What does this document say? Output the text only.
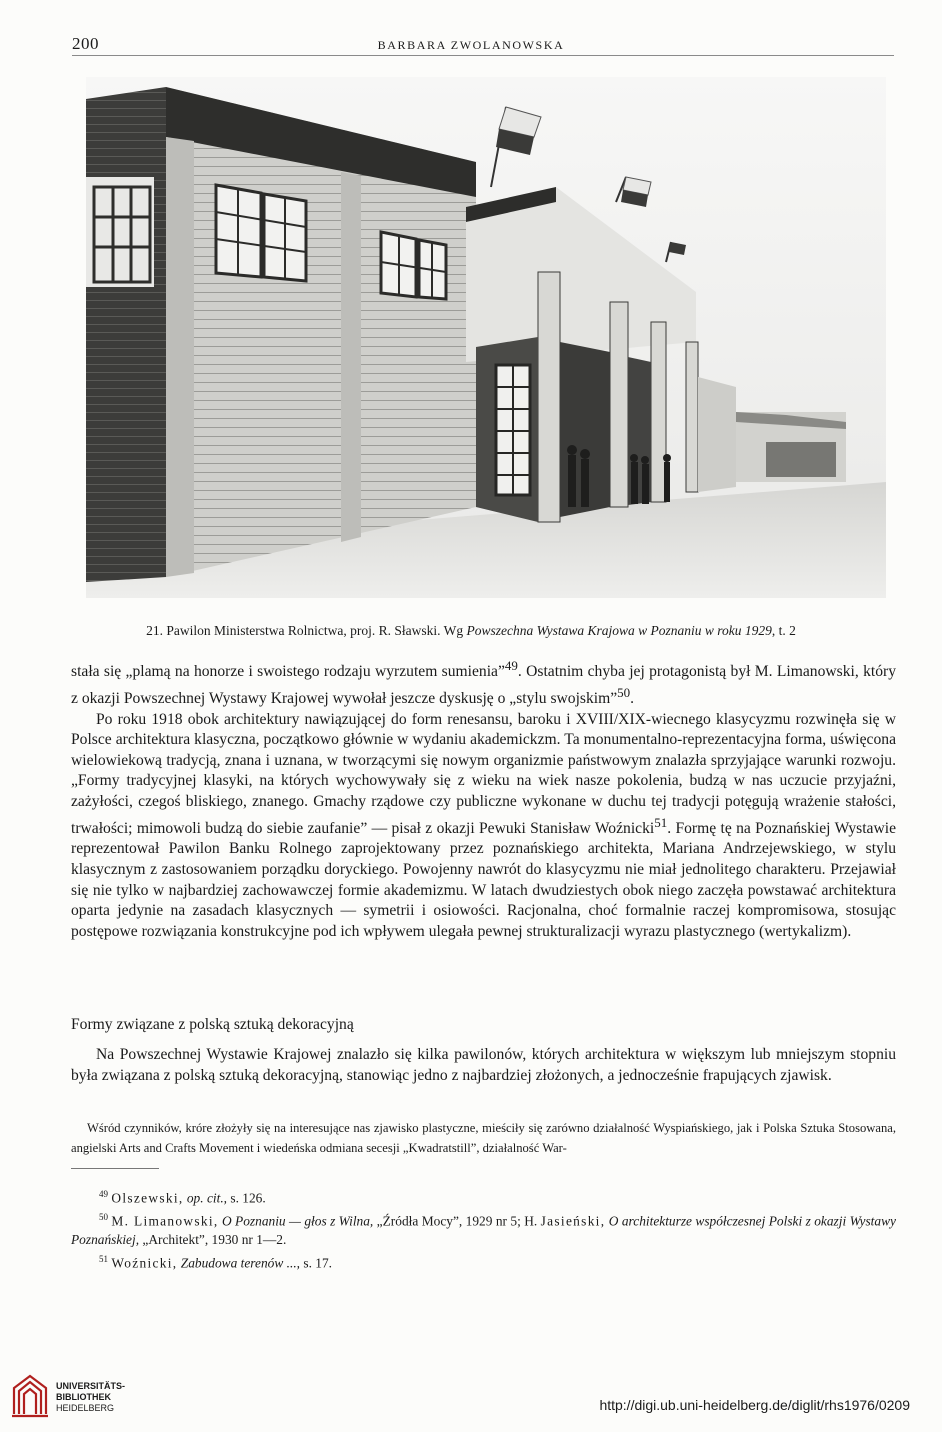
200	BARBARA ZWOLANOWSKA
21. Pawilon Ministerstwa Rolnictwa, proj. R. Sławski. Wg Powszechna Wystawa Krajowa w Poznaniu w roku 1929, t. 2

stała się „plamą na honorze i swoistego rodzaju wyrzutem sumienia”$^{49}$. Ostatnim chyba jej protagonistą był M. Limanowski, który z okazji Powszechnej Wystawy Krajowej wywołał jeszcze dyskusję o „stylu swojskim”$^{50}$.

Po roku 1918 obok architektury nawiązującej do form renesansu, baroku i XVIII/XIX-wiecnego klasycyzmu rozwinęła się w Polsce architektura klasyczna, początkowo głównie w wydaniu akademickzm. Ta monumentalno-reprezentacyjna forma, uświęcona wielowiekową tradycją, znana i uznana, w tworzącymi się nowym organizmie państwowym znalazła sprzyjające warunki rozwoju. „Formy tradycyjnej klasyki, na których wychowywały się z wieku na wiek nasze pokolenia, budzą w nas uczucie przyjaźni, zażyłości, czegoś bliskiego, znanego. Gmachy rządowe czy publiczne wykonane w duchu tej tradycji potęgują wrażenie stałości, trwałości; mimowoli budzą do siebie zaufanie” — pisał z okazji Pewuki Stanisław Woźnicki$^{51}$. Formę tę na Poznańskiej Wystawie reprezentował Pawilon Banku Rolnego zaprojektowany przez poznańskiego architekta, Mariana Andrzejewskiego, w stylu klasycznym z zastosowaniem porządku doryckiego. Powojenny nawrót do klasycyzmu nie miał jednolitego charakteru. Przejawiał się nie tylko w najbardziej zachowawczej formie akademizmu. W latach dwudziestych obok niego zaczęła powstawać architektura oparta jedynie na zasadach klasycznych — symetrii i osiowości. Racjonalna, choć formalnie raczej kompromisowa, stosując postępowe rozwiązania konstrukcyjne pod ich wpływem ulegała pewnej strukturalizacji wyrazu plastycznego (wertykalizm).

Formy związane z polską sztuką dekoracyjną

Na Powszechnej Wystawie Krajowej znalazło się kilka pawilonów, których architektura w większym lub mniejszym stopniu była związana z polską sztuką dekoracyjną, stanowiąc jedno z najbardziej złożonych, a jednocześnie frapujących zjawisk.

Wśród czynników, króre złożyły się na interesujące nas zjawisko plastyczne, mieściły się zarówno działalność Wyspiańskiego, jak i Polska Sztuka Stosowana, angielski Arts and Crafts Movement i wiedeńska odmiana secesji „Kwadratstill”, działalność War-

$^{49}$ Olszewski, op. cit., s. 126.

$^{50}$ M. Limanowski, O Poznaniu — głos z Wilna, „Źródła Mocy”, 1929 nr 5; H. Jasieński, O architekturze współczesnej Polski z okazji Wystawy Poznańskiej, „Architekt”, 1930 nr 1—2.

$^{51}$ Woźnicki, Zabudowa terenów ..., s. 17.

UNIVERSITÄTS-
BIBLIOTHEK
HEIDELBERG	http://digi.ub.uni-heidelberg.de/diglit/rhs1976/0209
